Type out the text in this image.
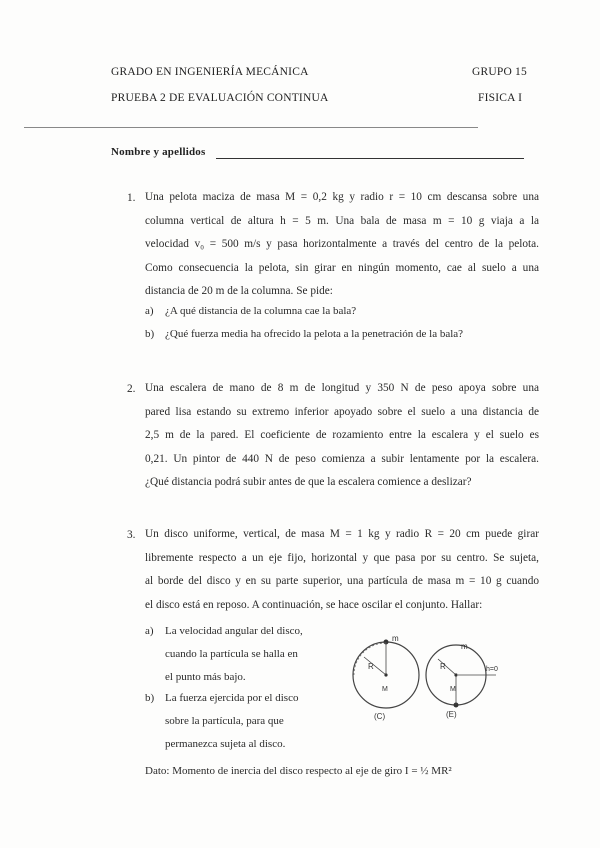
GRADO EN INGENIERÍA MECÁNICA	GRUPO 15
PRUEBA 2 DE EVALUACIÓN CONTINUA	FISICA I
Nombre y apellidos
1. Una pelota maciza de masa M = 0,2 kg y radio r = 10 cm descansa sobre una
columna vertical de altura h = 5 m. Una bala de masa m = 10 g viaja a la
velocidad v₀ = 500 m/s y pasa horizontalmente a través del centro de la pelota.
Como consecuencia la pelota, sin girar en ningún momento, cae al suelo a una
distancia de 20 m de la columna. Se pide:
a) ¿A qué distancia de la columna cae la bala?
b) ¿Qué fuerza media ha ofrecido la pelota a la penetración de la bala?
2. Una escalera de mano de 8 m de longitud y 350 N de peso apoya sobre una
pared lisa estando su extremo inferior apoyado sobre el suelo a una distancia de
2,5 m de la pared. El coeficiente de rozamiento entre la escalera y el suelo es
0,21. Un pintor de 440 N de peso comienza a subir lentamente por la escalera.
¿Qué distancia podrá subir antes de que la escalera comience a deslizar?
3. Un disco uniforme, vertical, de masa M = 1 kg y radio R = 20 cm puede girar
libremente respecto a un eje fijo, horizontal y que pasa por su centro. Se sujeta,
al borde del disco y en su parte superior, una partícula de masa m = 10 g cuando
el disco está en reposo. A continuación, se hace oscilar el conjunto. Hallar:
a) La velocidad angular del disco,
cuando la partícula se halla en
el punto más bajo.
b) La fuerza ejercida por el disco
sobre la partícula, para que
permanezca sujeta al disco.
m
R
M
(C)
m
R
M
h=0
(E)
Dato: Momento de inercia del disco respecto al eje de giro I = ½ MR²
